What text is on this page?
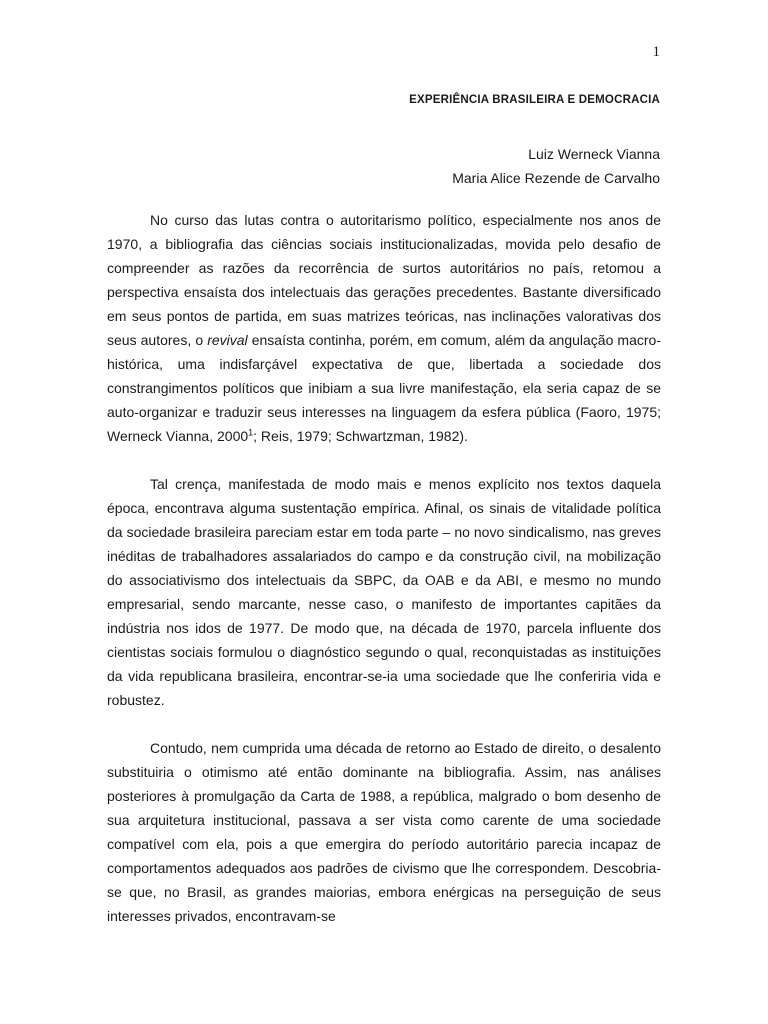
1
EXPERIÊNCIA BRASILEIRA E DEMOCRACIA
Luiz Werneck Vianna
Maria Alice Rezende de Carvalho

No curso das lutas contra o autoritarismo político, especialmente nos anos de 1970, a bibliografia das ciências sociais institucionalizadas, movida pelo desafio de compreender as razões da recorrência de surtos autoritários no país, retomou a perspectiva ensaísta dos intelectuais das gerações precedentes. Bastante diversificado em seus pontos de partida, em suas matrizes teóricas, nas inclinações valorativas dos seus autores, o revival ensaísta continha, porém, em comum, além da angulação macro-histórica, uma indisfarçável expectativa de que, libertada a sociedade dos constrangimentos políticos que inibiam a sua livre manifestação, ela seria capaz de se auto-organizar e traduzir seus interesses na linguagem da esfera pública (Faoro, 1975; Werneck Vianna, 2000$^1$; Reis, 1979; Schwartzman, 1982).

Tal crença, manifestada de modo mais e menos explícito nos textos daquela época, encontrava alguma sustentação empírica. Afinal, os sinais de vitalidade política da sociedade brasileira pareciam estar em toda parte – no novo sindicalismo, nas greves inéditas de trabalhadores assalariados do campo e da construção civil, na mobilização do associativismo dos intelectuais da SBPC, da OAB e da ABI, e mesmo no mundo empresarial, sendo marcante, nesse caso, o manifesto de importantes capitães da indústria nos idos de 1977. De modo que, na década de 1970, parcela influente dos cientistas sociais formulou o diagnóstico segundo o qual, reconquistadas as instituições da vida republicana brasileira, encontrar-se-ia uma sociedade que lhe conferiria vida e robustez.

Contudo, nem cumprida uma década de retorno ao Estado de direito, o desalento substituiria o otimismo até então dominante na bibliografia. Assim, nas análises posteriores à promulgação da Carta de 1988, a república, malgrado o bom desenho de sua arquitetura institucional, passava a ser vista como carente de uma sociedade compatível com ela, pois a que emergira do período autoritário parecia incapaz de comportamentos adequados aos padrões de civismo que lhe correspondem. Descobria-se que, no Brasil, as grandes maiorias, embora enérgicas na perseguição de seus interesses privados, encontravam-se
